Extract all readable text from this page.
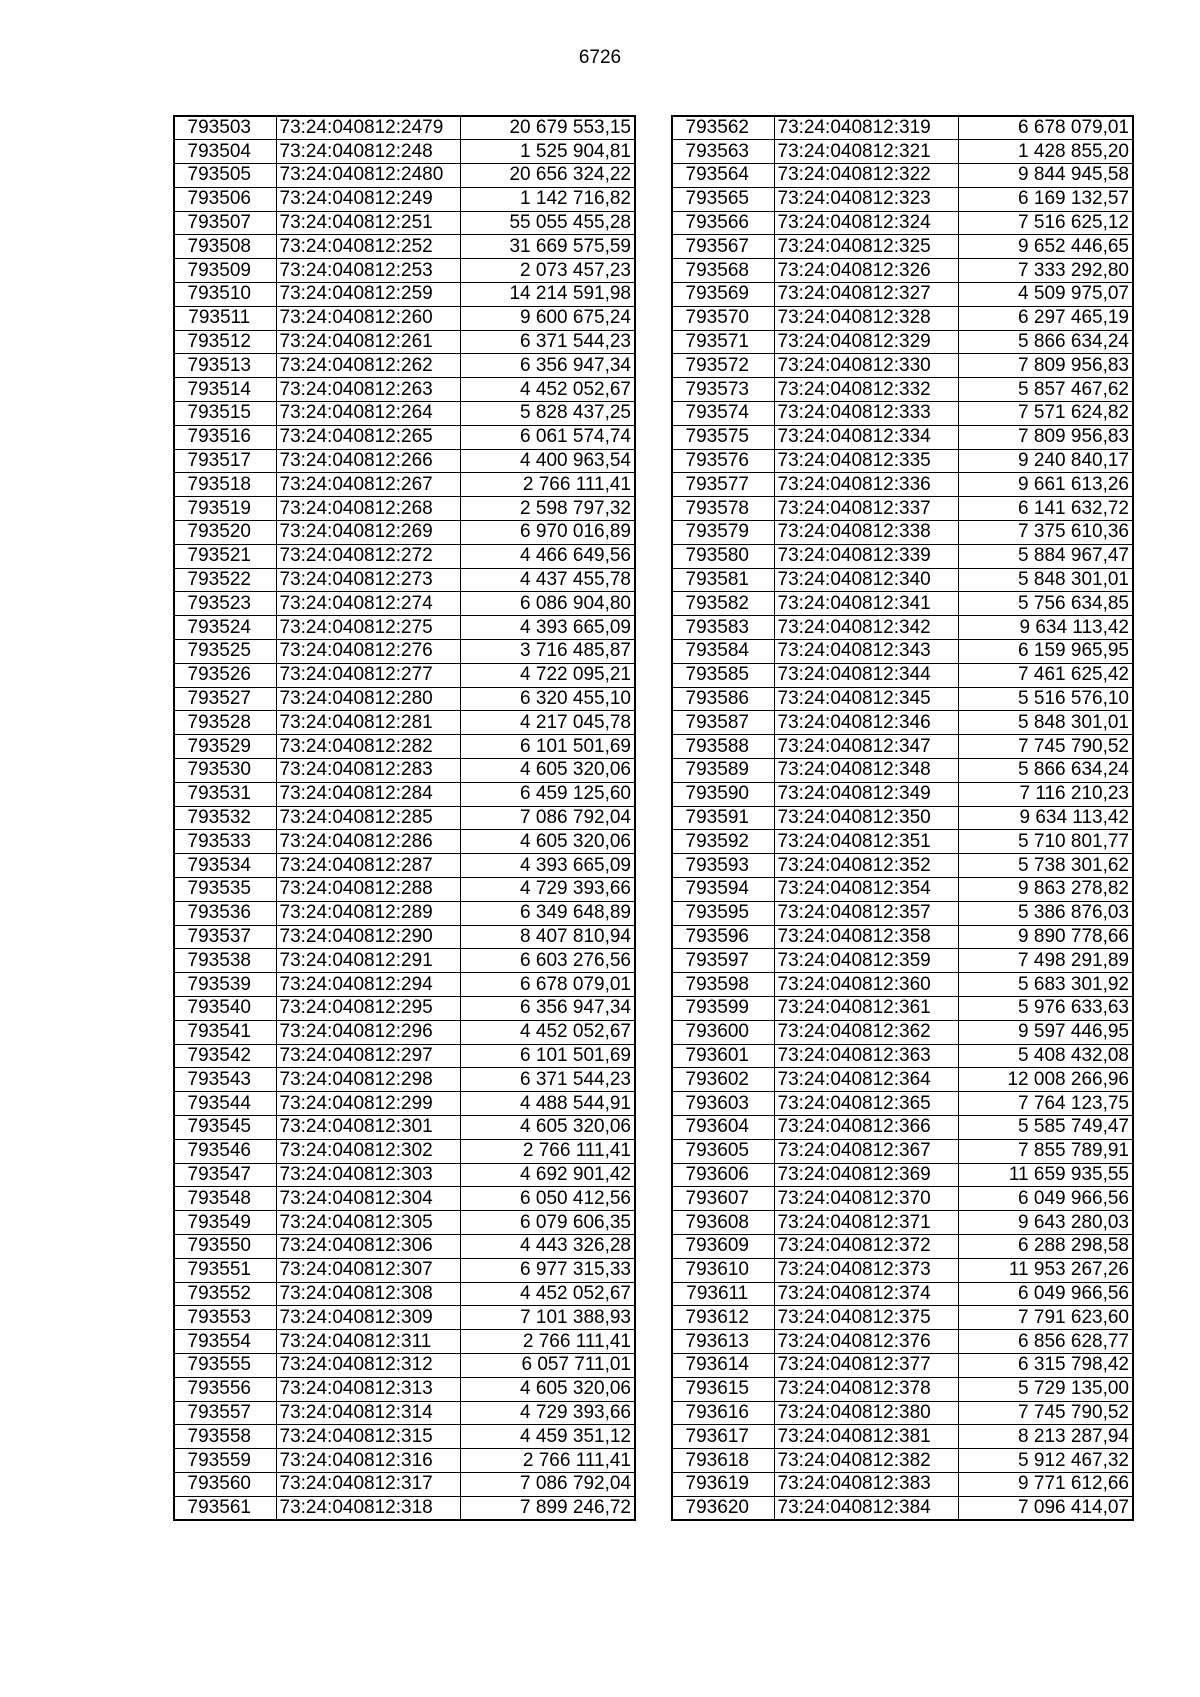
6726
793503	73:24:040812:2479	20 679 553,15
793504	73:24:040812:248	1 525 904,81
793505	73:24:040812:2480	20 656 324,22
793506	73:24:040812:249	1 142 716,82
793507	73:24:040812:251	55 055 455,28
793508	73:24:040812:252	31 669 575,59
793509	73:24:040812:253	2 073 457,23
793510	73:24:040812:259	14 214 591,98
793511	73:24:040812:260	9 600 675,24
793512	73:24:040812:261	6 371 544,23
793513	73:24:040812:262	6 356 947,34
793514	73:24:040812:263	4 452 052,67
793515	73:24:040812:264	5 828 437,25
793516	73:24:040812:265	6 061 574,74
793517	73:24:040812:266	4 400 963,54
793518	73:24:040812:267	2 766 111,41
793519	73:24:040812:268	2 598 797,32
793520	73:24:040812:269	6 970 016,89
793521	73:24:040812:272	4 466 649,56
793522	73:24:040812:273	4 437 455,78
793523	73:24:040812:274	6 086 904,80
793524	73:24:040812:275	4 393 665,09
793525	73:24:040812:276	3 716 485,87
793526	73:24:040812:277	4 722 095,21
793527	73:24:040812:280	6 320 455,10
793528	73:24:040812:281	4 217 045,78
793529	73:24:040812:282	6 101 501,69
793530	73:24:040812:283	4 605 320,06
793531	73:24:040812:284	6 459 125,60
793532	73:24:040812:285	7 086 792,04
793533	73:24:040812:286	4 605 320,06
793534	73:24:040812:287	4 393 665,09
793535	73:24:040812:288	4 729 393,66
793536	73:24:040812:289	6 349 648,89
793537	73:24:040812:290	8 407 810,94
793538	73:24:040812:291	6 603 276,56
793539	73:24:040812:294	6 678 079,01
793540	73:24:040812:295	6 356 947,34
793541	73:24:040812:296	4 452 052,67
793542	73:24:040812:297	6 101 501,69
793543	73:24:040812:298	6 371 544,23
793544	73:24:040812:299	4 488 544,91
793545	73:24:040812:301	4 605 320,06
793546	73:24:040812:302	2 766 111,41
793547	73:24:040812:303	4 692 901,42
793548	73:24:040812:304	6 050 412,56
793549	73:24:040812:305	6 079 606,35
793550	73:24:040812:306	4 443 326,28
793551	73:24:040812:307	6 977 315,33
793552	73:24:040812:308	4 452 052,67
793553	73:24:040812:309	7 101 388,93
793554	73:24:040812:311	2 766 111,41
793555	73:24:040812:312	6 057 711,01
793556	73:24:040812:313	4 605 320,06
793557	73:24:040812:314	4 729 393,66
793558	73:24:040812:315	4 459 351,12
793559	73:24:040812:316	2 766 111,41
793560	73:24:040812:317	7 086 792,04
793561	73:24:040812:318	7 899 246,72
793562	73:24:040812:319	6 678 079,01
793563	73:24:040812:321	1 428 855,20
793564	73:24:040812:322	9 844 945,58
793565	73:24:040812:323	6 169 132,57
793566	73:24:040812:324	7 516 625,12
793567	73:24:040812:325	9 652 446,65
793568	73:24:040812:326	7 333 292,80
793569	73:24:040812:327	4 509 975,07
793570	73:24:040812:328	6 297 465,19
793571	73:24:040812:329	5 866 634,24
793572	73:24:040812:330	7 809 956,83
793573	73:24:040812:332	5 857 467,62
793574	73:24:040812:333	7 571 624,82
793575	73:24:040812:334	7 809 956,83
793576	73:24:040812:335	9 240 840,17
793577	73:24:040812:336	9 661 613,26
793578	73:24:040812:337	6 141 632,72
793579	73:24:040812:338	7 375 610,36
793580	73:24:040812:339	5 884 967,47
793581	73:24:040812:340	5 848 301,01
793582	73:24:040812:341	5 756 634,85
793583	73:24:040812:342	9 634 113,42
793584	73:24:040812:343	6 159 965,95
793585	73:24:040812:344	7 461 625,42
793586	73:24:040812:345	5 516 576,10
793587	73:24:040812:346	5 848 301,01
793588	73:24:040812:347	7 745 790,52
793589	73:24:040812:348	5 866 634,24
793590	73:24:040812:349	7 116 210,23
793591	73:24:040812:350	9 634 113,42
793592	73:24:040812:351	5 710 801,77
793593	73:24:040812:352	5 738 301,62
793594	73:24:040812:354	9 863 278,82
793595	73:24:040812:357	5 386 876,03
793596	73:24:040812:358	9 890 778,66
793597	73:24:040812:359	7 498 291,89
793598	73:24:040812:360	5 683 301,92
793599	73:24:040812:361	5 976 633,63
793600	73:24:040812:362	9 597 446,95
793601	73:24:040812:363	5 408 432,08
793602	73:24:040812:364	12 008 266,96
793603	73:24:040812:365	7 764 123,75
793604	73:24:040812:366	5 585 749,47
793605	73:24:040812:367	7 855 789,91
793606	73:24:040812:369	11 659 935,55
793607	73:24:040812:370	6 049 966,56
793608	73:24:040812:371	9 643 280,03
793609	73:24:040812:372	6 288 298,58
793610	73:24:040812:373	11 953 267,26
793611	73:24:040812:374	6 049 966,56
793612	73:24:040812:375	7 791 623,60
793613	73:24:040812:376	6 856 628,77
793614	73:24:040812:377	6 315 798,42
793615	73:24:040812:378	5 729 135,00
793616	73:24:040812:380	7 745 790,52
793617	73:24:040812:381	8 213 287,94
793618	73:24:040812:382	5 912 467,32
793619	73:24:040812:383	9 771 612,66
793620	73:24:040812:384	7 096 414,07
